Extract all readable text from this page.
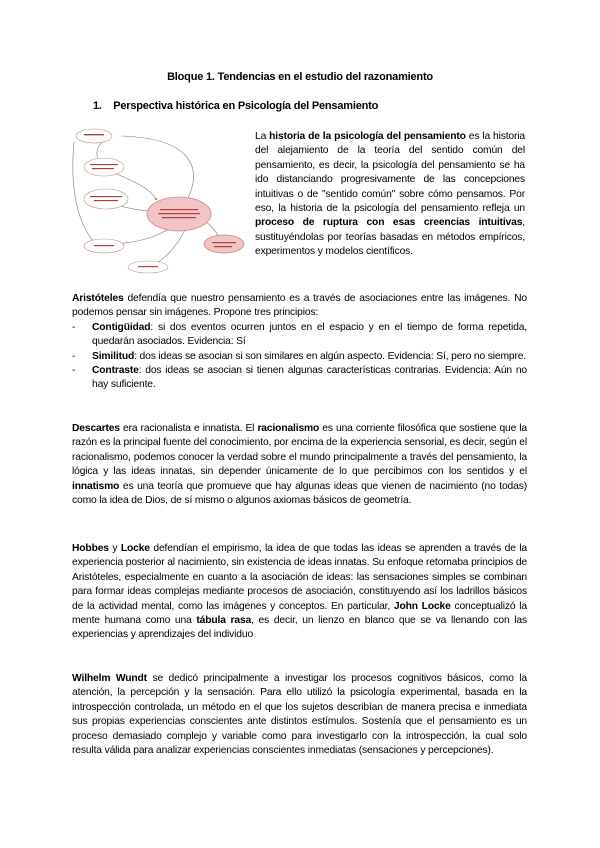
Bloque 1. Tendencias en el estudio del razonamiento
1. Perspectiva histórica en Psicología del Pensamiento
La historia de la psicología del pensamiento es la historia del alejamiento de la teoría del sentido común del pensamiento, es decir, la psicología del pensamiento se ha ido distanciando progresivamente de las concepciones intuitivas o de "sentido común" sobre cómo pensamos. Por eso, la historia de la psicología del pensamiento refleja un proceso de ruptura con esas creencias intuitivas, sustituyéndolas por teorías basadas en métodos empíricos, experimentos y modelos científicos.
Aristóteles defendía que nuestro pensamiento es a través de asociaciones entre las imágenes. No podemos pensar sin imágenes. Propone tres principios:
- Contigüidad: si dos eventos ocurren juntos en el espacio y en el tiempo de forma repetida, quedarán asociados. Evidencia: Sí
- Similitud: dos ideas se asocian si son similares en algún aspecto. Evidencia: Sí, pero no siempre.
- Contraste: dos ideas se asocian si tienen algunas características contrarias. Evidencia: Aún no hay suficiente.
Descartes era racionalista e innatista. El racionalismo es una corriente filosófica que sostiene que la razón es la principal fuente del conocimiento, por encima de la experiencia sensorial, es decir, según el racionalismo, podemos conocer la verdad sobre el mundo principalmente a través del pensamiento, la lógica y las ideas innatas, sin depender únicamente de lo que percibimos con los sentidos y el innatismo es una teoría que promueve que hay algunas ideas que vienen de nacimiento (no todas) como la idea de Dios, de sí mismo o algunos axiomas básicos de geometría.
Hobbes y Locke defendían el empirismo, la idea de que todas las ideas se aprenden a través de la experiencia posterior al nacimiento, sin existencia de ideas innatas. Su enfoque retomaba principios de Aristóteles, especialmente en cuanto a la asociación de ideas: las sensaciones simples se combinan para formar ideas complejas mediante procesos de asociación, constituyendo así los ladrillos básicos de la actividad mental, como las imágenes y conceptos. En particular, John Locke conceptualizó la mente humana como una tábula rasa, es decir, un lienzo en blanco que se va llenando con las experiencias y aprendizajes del individuo
Wilhelm Wundt se dedicó principalmente a investigar los procesos cognitivos básicos, como la atención, la percepción y la sensación. Para ello utilizó la psicología experimental, basada en la introspección controlada, un método en el que los sujetos describían de manera precisa e inmediata sus propias experiencias conscientes ante distintos estímulos. Sostenía que el pensamiento es un proceso demasiado complejo y variable como para investigarlo con la introspección, la cual solo resulta válida para analizar experiencias conscientes inmediatas (sensaciones y percepciones).
